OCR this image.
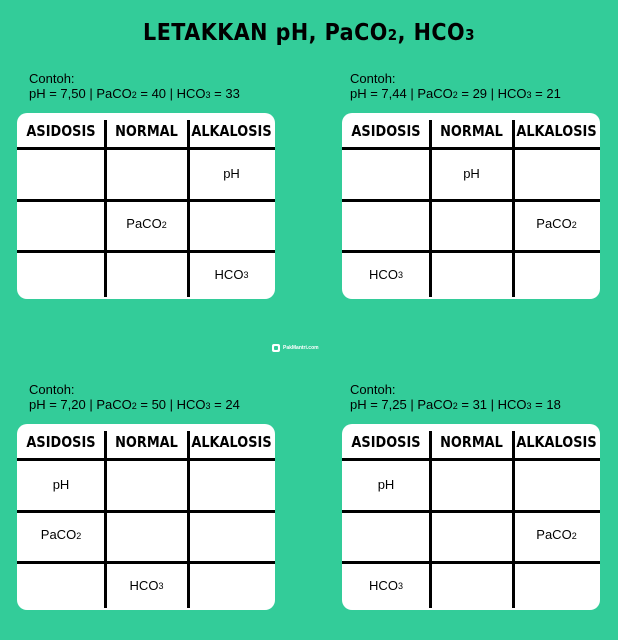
LETAKKAN pH, PaCO2, HCO3
Contoh:
pH = 7,50 | PaCO2 = 40 | HCO3 = 33
ASIDOSIS NORMAL ALKALOSIS
pH
PaCO 2
HCO 3
Contoh:
pH = 7,44 | PaCO2 = 29 | HCO3 = 21
ASIDOSIS NORMAL ALKALOSIS
pH
PaCO 2
HCO 3
PakMantri.com
Contoh:
pH = 7,20 | PaCO2 = 50 | HCO3 = 24
ASIDOSIS NORMAL ALKALOSIS
pH
PaCO 2
HCO 3
Contoh:
pH = 7,25 | PaCO2 = 31 | HCO3 = 18
ASIDOSIS NORMAL ALKALOSIS
pH
PaCO 2
HCO 3
